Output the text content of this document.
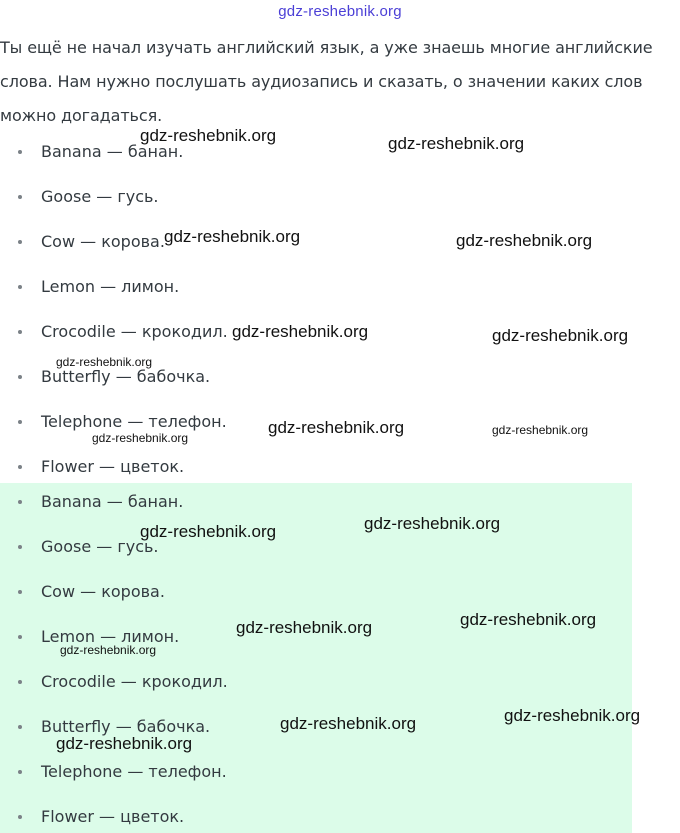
gdz-reshebnik.org
Ты ещё не начал изучать английский язык, а уже знаешь многие английские слова. Нам нужно послушать аудиозапись и сказать, о значении каких слов можно догадаться.
Banana — банан.
Goose — гусь.
Cow — корова.
Lemon — лимон.
Crocodile — крокодил.
Butterfly — бабочка.
Telephone — телефон.
Flower — цветок.
Banana — банан.
Goose — гусь.
Cow — корова.
Lemon — лимон.
Crocodile — крокодил.
Butterfly — бабочка.
Telephone — телефон.
Flower — цветок.
gdz-reshebnik.org	gdz-reshebnik.org
gdz-reshebnik.org	gdz-reshebnik.org
gdz-reshebnik.org	gdz-reshebnik.org
gdz-reshebnik.org
gdz-reshebnik.org
gdz-reshebnik.org
gdz-reshebnik.org
gdz-reshebnik.org
gdz-reshebnik.org
gdz-reshebnik.org
gdz-reshebnik.org
gdz-reshebnik.org
gdz-reshebnik.org
gdz-reshebnik.org
gdz-reshebnik.org
